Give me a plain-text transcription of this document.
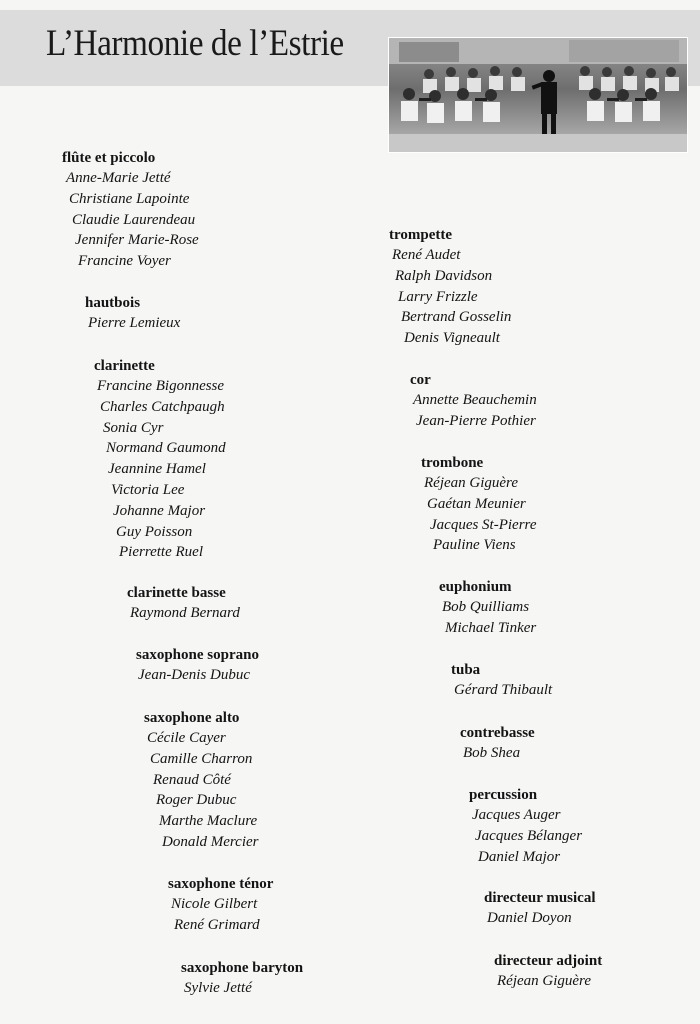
L’Harmonie de l’Estrie
flûte et piccolo
Anne-Marie Jetté
Christiane Lapointe
Claudie Laurendeau
Jennifer Marie-Rose
Francine Voyer
hautbois
Pierre Lemieux
clarinette
Francine Bigonnesse
Charles Catchpaugh
Sonia Cyr
Normand Gaumond
Jeannine Hamel
Victoria Lee
Johanne Major
Guy Poisson
Pierrette Ruel
clarinette basse
Raymond Bernard
saxophone soprano
Jean-Denis Dubuc
saxophone alto
Cécile Cayer
Camille Charron
Renaud Côté
Roger Dubuc
Marthe Maclure
Donald Mercier
saxophone ténor
Nicole Gilbert
René Grimard
saxophone baryton
Sylvie Jetté
trompette
René Audet
Ralph Davidson
Larry Frizzle
Bertrand Gosselin
Denis Vigneault
cor
Annette Beauchemin
Jean-Pierre Pothier
trombone
Réjean Giguère
Gaétan Meunier
Jacques St-Pierre
Pauline Viens
euphonium
Bob Quilliams
Michael Tinker
tuba
Gérard Thibault
contrebasse
Bob Shea
percussion
Jacques Auger
Jacques Bélanger
Daniel Major
directeur musical
Daniel Doyon
directeur adjoint
Réjean Giguère
